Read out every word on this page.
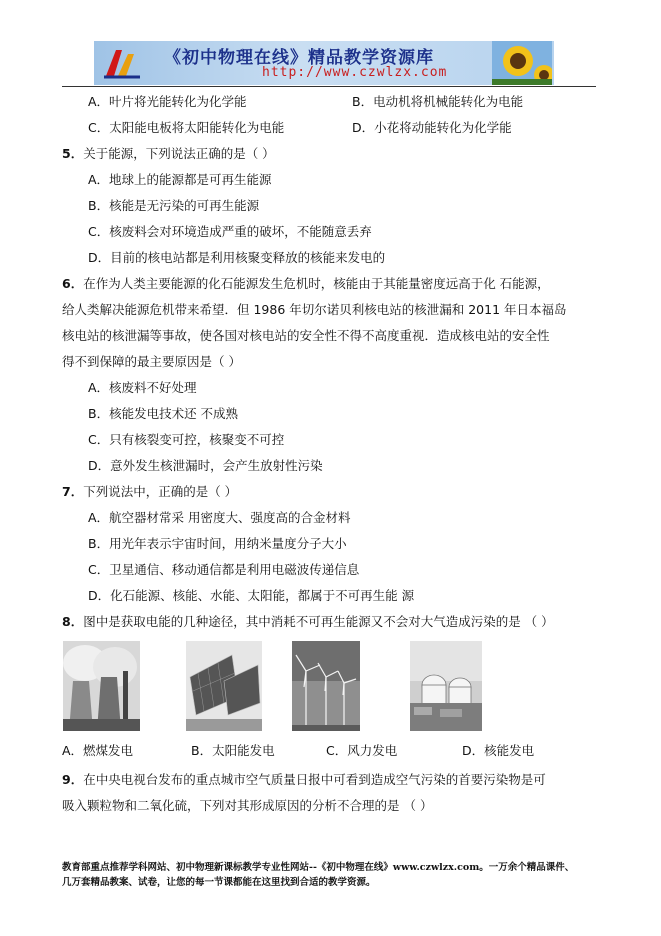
《初中物理在线》精品教学资源库
http://www.czwlzx.com
A．叶片将光能转化为化学能	B．电动机将机械能转化为电能
C．太阳能电板将太阳能转化为电能	D．小花将动能转化为化学能
5．关于能源，下列说法正确的是（ ）
A．地球上的能源都是可再生能源
B．核能是无污染的可再生能源
C．核废料会对环境造成严重的破坏，不能随意丢弃
D．目前的核电站都是利用核聚变释放的核能来发电的
6．在作为人类主要能源的化石能源发生危机时，核能由于其能量密度远高于化 石能源，
给人类解决能源危机带来希望．但 1986 年切尔诺贝利核电站的核泄漏和 2011 年日本福岛
核电站的核泄漏等事故，使各国对核电站的安全性不得不高度重视．造成核电站的安全性
得不到保障的最主要原因是（ ）
A．核废料不好处理
B．核能发电技术还 不成熟
C．只有核裂变可控，核聚变不可控
D．意外发生核泄漏时，会产生放射性污染
7．下列说法中，正确的是（ ）
A．航空器材常采 用密度大、强度高的合金材料
B．用光年表示宇宙时间，用纳米量度分子大小
C．卫星通信、移动通信都是利用电磁波传递信息
D．化石能源、核能、水能、太阳能，都属于不可再生能 源
8．图中是获取电能的几种途径，其中消耗不可再生能源又不会对大气造成污染的是 （ ）
A．燃煤发电	B．太阳能发电	C．风力发电	D．核能发电
9．在中央电视台发布的重点城市空气质量日报中可看到造成空气污染的首要污染物是可
吸入颗粒物和二氧化硫，下列对其形成原因的分析不合理的是 （ ）
教育部重点推荐学科网站、初中物理新课标教学专业性网站--《初中物理在线》www.czwlzx.com。一万余个精品课件、
几万套精品教案、试卷，让您的每一节课都能在这里找到合适的教学资源。
